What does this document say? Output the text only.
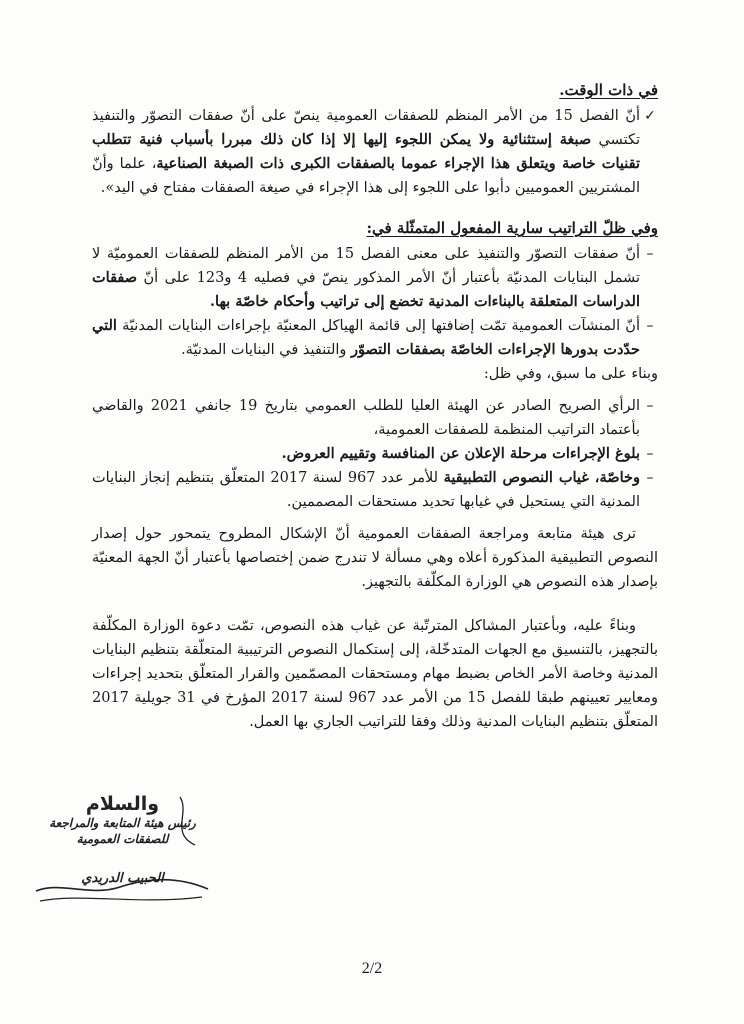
في ذات الوقت.

✓
أنّ الفصل 15 من الأمر المنظم للصفقات العمومية ينصّ على أنّ صفقات التصوّر والتنفيذ تكتسي صبغة إستثنائية ولا يمكن اللجوء إليها إلا إذا كان ذلك مبررا بأسباب فنية تتطلب تقنيات خاصة ويتعلق هذا الإجراء عموما بالصفقات الكبرى ذات الصبغة الصناعية، علما وأنّ المشتريين العموميين دأبوا على اللجوء إلى هذا الإجراء في صيغة الصفقات مفتاح في اليد».

وفي ظلّ التراتيب سارية المفعول المتمثّلة في:

–
أنّ صفقات التصوّر والتنفيذ على معنى الفصل 15 من الأمر المنظم للصفقات العموميّة لا تشمل البنايات المدنيّة بأعتبار أنّ الأمر المذكور ينصّ في فصليه 4 و123 على أنّ صفقات الدراسات المتعلقة بالبناءات المدنية تخضع إلى تراتيب وأحكام خاصّة بها.
–
أنّ المنشآت العمومية تمّت إضافتها إلى قائمة الهياكل المعنيّة بإجراءات البنايات المدنيّة التي حدّدت بدورها الإجراءات الخاصّة بصفقات التصوّر والتنفيذ في البنايات المدنيّة.

وبناء على ما سبق، وفي ظل:

–
الرأي الصريح الصادر عن الهيئة العليا للطلب العمومي بتاريخ 19 جانفي 2021 والقاضي بأعتماد التراتيب المنظمة للصفقات العمومية،
–
بلوغ الإجراءات مرحلة الإعلان عن المنافسة وتقييم العروض.
–
وخاصّة، غياب النصوص التطبيقية للأمر عدد 967 لسنة 2017 المتعلّق بتنظيم إنجاز البنايات المدنية التي يستحيل في غيابها تحديد مستحقات المصممين.

ترى هيئة متابعة ومراجعة الصفقات العمومية أنّ الإشكال المطروح يتمحور حول إصدار النصوص التطبيقية المذكورة أعلاه وهي مسألة لا تندرج ضمن إختصاصها بأعتبار أنّ الجهة المعنيّة بإصدار هذه النصوص هي الوزارة المكلّفة بالتجهيز.

وبناءً عليه، وبأعتبار المشاكل المترتّبة عن غياب هذه النصوص، تمّت دعوة الوزارة المكلّفة بالتجهيز، بالتنسيق مع الجهات المتدخّلة، إلى إستكمال النصوص الترتيبية المتعلّقة بتنظيم البنايات المدنية وخاصة الأمر الخاص بضبط مهام ومستحقات المصمّمين والقرار المتعلّق بتحديد إجراءات ومعايير تعيينهم طبقا للفصل 15 من الأمر عدد 967 لسنة 2017 المؤرخ في 31 جويلية 2017 المتعلّق بتنظيم البنايات المدنية وذلك وفقا للتراتيب الجاري بها العمل.

والسلام
رئيس هيئة المتابعة والمراجعة
للصفقات العمومية
الحبيب الدريدي
2/2
